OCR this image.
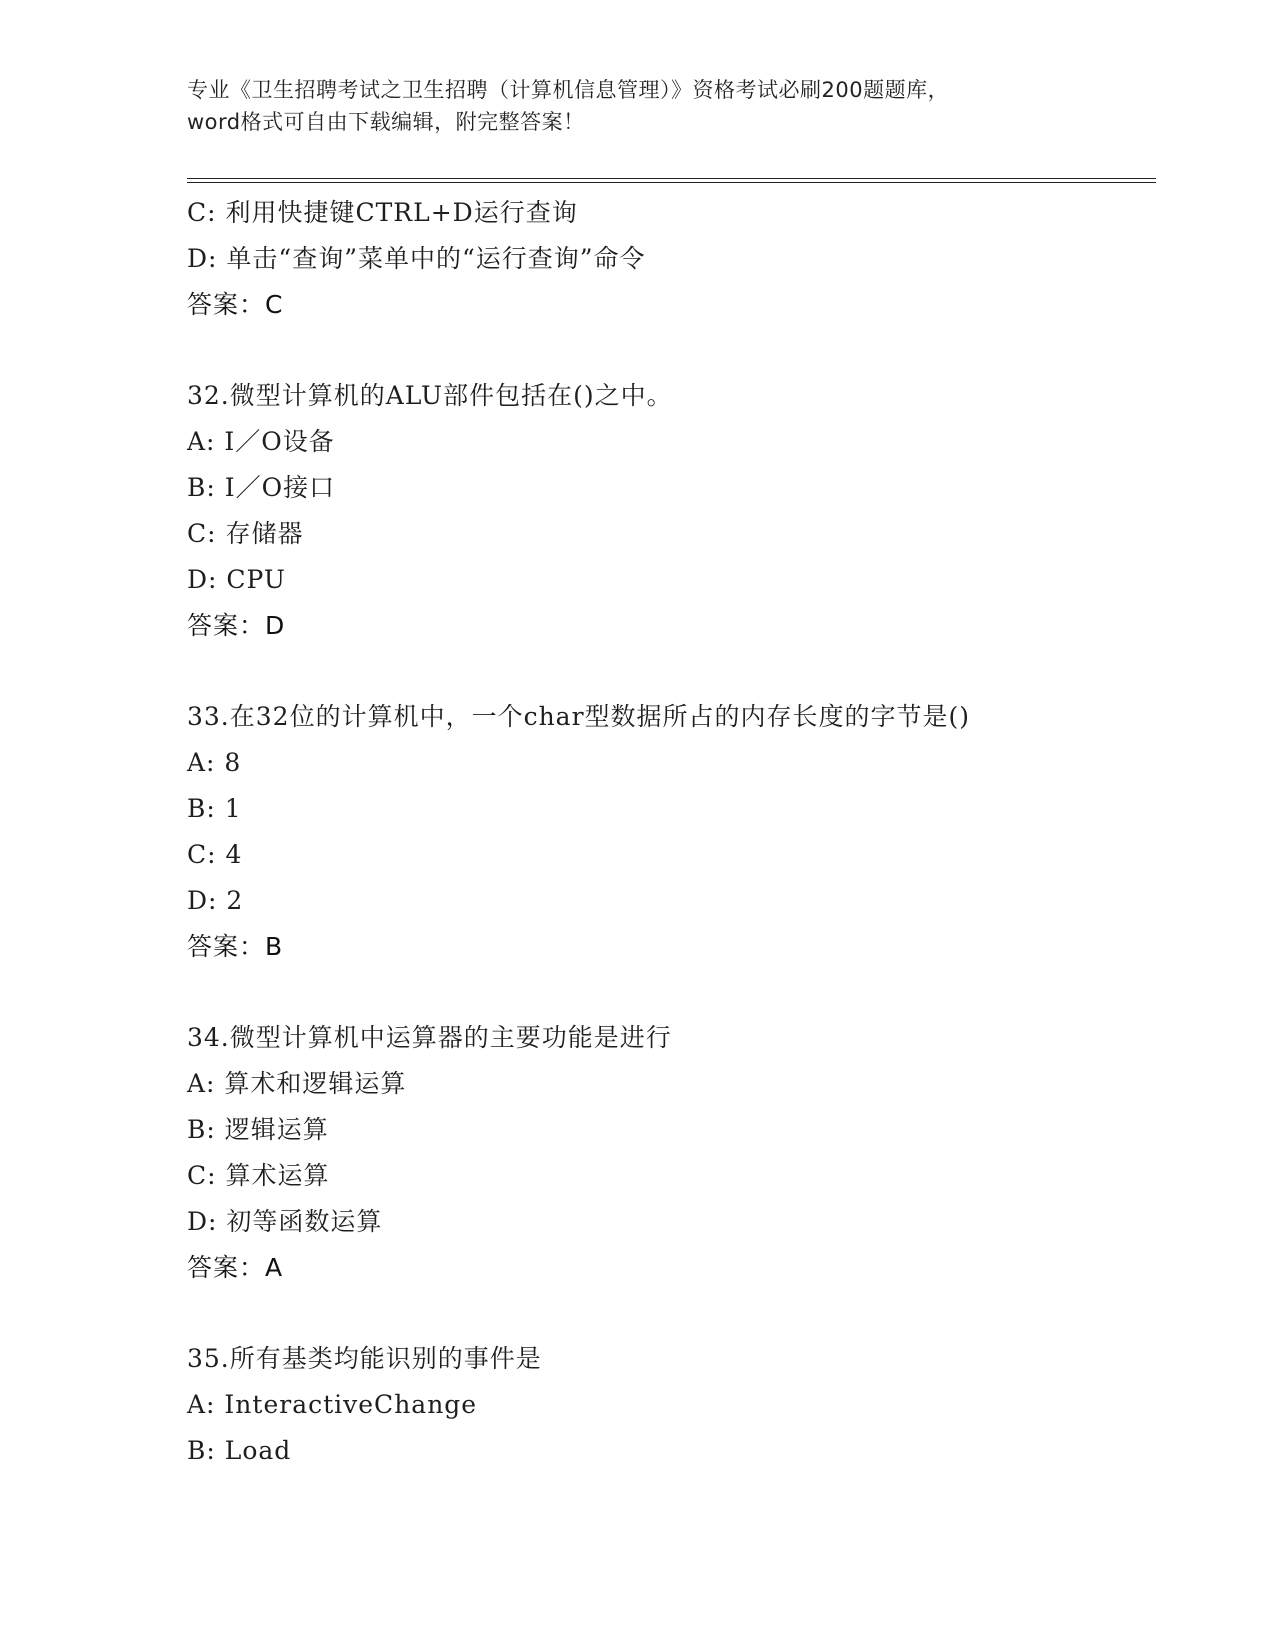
专业《卫生招聘考试之卫生招聘（计算机信息管理）》资格考试必刷200题题库，
word格式可自由下载编辑，附完整答案！
C: 利用快捷键CTRL+D运行查询
D: 单击“查询”菜单中的“运行查询”命令
答案：C
32.微型计算机的ALU部件包括在()之中。
A: I／O设备
B: I／O接口
C: 存储器
D: CPU
答案：D
33.在32位的计算机中，一个char型数据所占的内存长度的字节是()
A: 8
B: 1
C: 4
D: 2
答案：B
34.微型计算机中运算器的主要功能是进行
A: 算术和逻辑运算
B: 逻辑运算
C: 算术运算
D: 初等函数运算
答案：A
35.所有基类均能识别的事件是
A: InteractiveChange
B: Load
